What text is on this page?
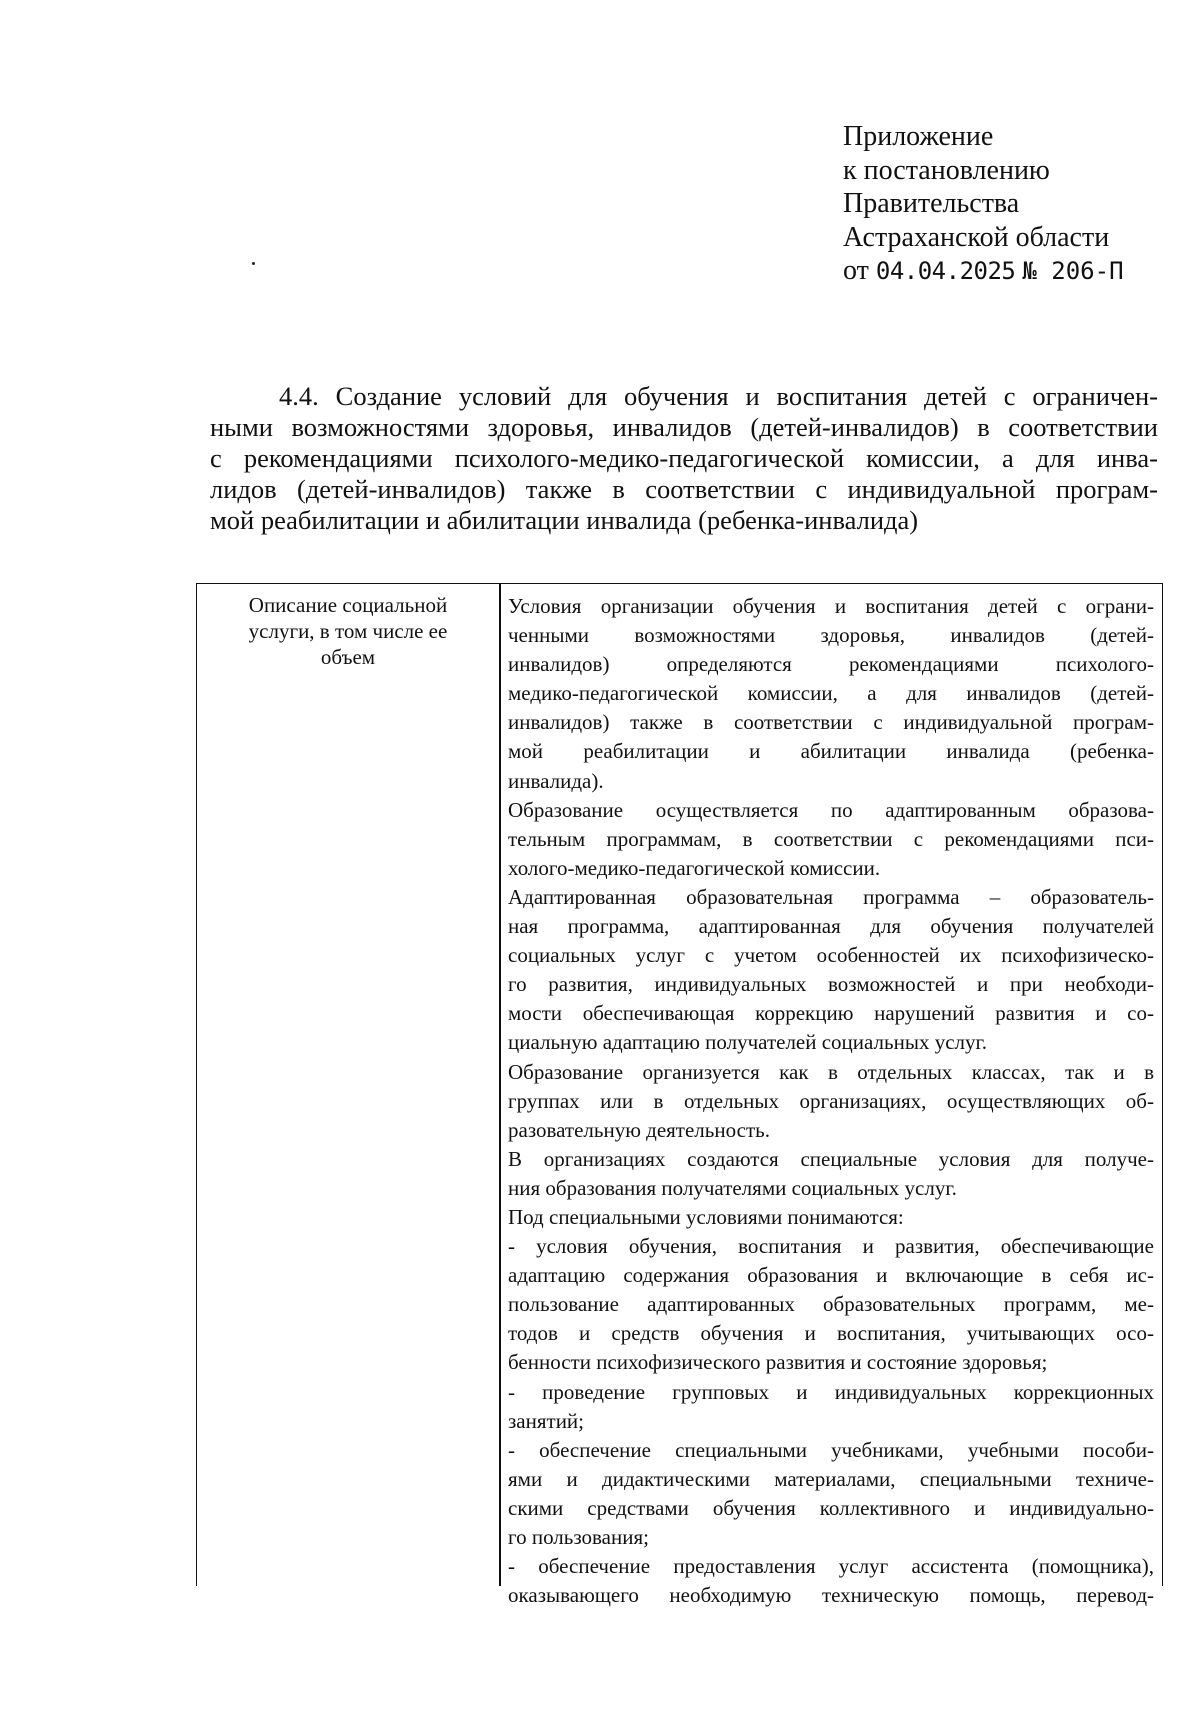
Приложение
к постановлению
Правительства
Астраханской области
от 04.04.2025 № 206-П
4.4. Создание условий для обучения и воспитания детей с ограничен-
ными возможностями здоровья, инвалидов (детей-инвалидов) в соответствии
с рекомендациями психолого-медико-педагогической комиссии, а для инва-
лидов (детей-инвалидов) также в соответствии с индивидуальной програм-
мой реабилитации и абилитации инвалида (ребенка-инвалида)
Описание социальной
услуги, в том числе ее
объем
Условия организации обучения и воспитания детей с ограни-
ченными возможностями здоровья, инвалидов (детей-
инвалидов) определяются рекомендациями психолого-
медико-педагогической комиссии, а для инвалидов (детей-
инвалидов) также в соответствии с индивидуальной програм-
мой реабилитации и абилитации инвалида (ребенка-
инвалида).
Образование осуществляется по адаптированным образова-
тельным программам, в соответствии с рекомендациями пси-
холого-медико-педагогической комиссии.
Адаптированная образовательная программа – образователь-
ная программа, адаптированная для обучения получателей
социальных услуг с учетом особенностей их психофизическо-
го развития, индивидуальных возможностей и при необходи-
мости обеспечивающая коррекцию нарушений развития и со-
циальную адаптацию получателей социальных услуг.
Образование организуется как в отдельных классах, так и в
группах или в отдельных организациях, осуществляющих об-
разовательную деятельность.
В организациях создаются специальные условия для получе-
ния образования получателями социальных услуг.
Под специальными условиями понимаются:
- условия обучения, воспитания и развития, обеспечивающие
адаптацию содержания образования и включающие в себя ис-
пользование адаптированных образовательных программ, ме-
тодов и средств обучения и воспитания, учитывающих осо-
бенности психофизического развития и состояние здоровья;
- проведение групповых и индивидуальных коррекционных
занятий;
- обеспечение специальными учебниками, учебными пособи-
ями и дидактическими материалами, специальными техниче-
скими средствами обучения коллективного и индивидуально-
го пользования;
- обеспечение предоставления услуг ассистента (помощника),
оказывающего необходимую техническую помощь, перевод-
